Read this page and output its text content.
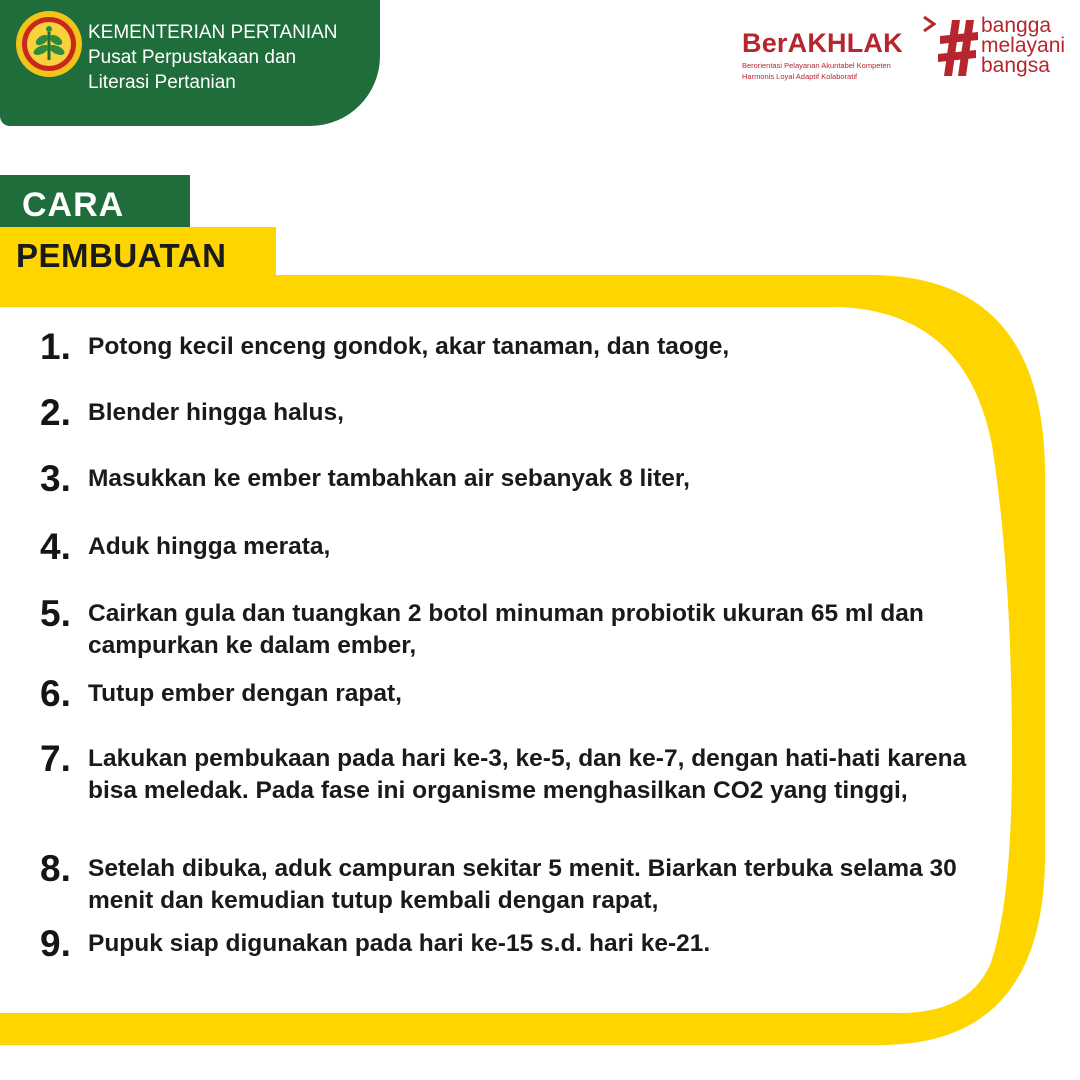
KEMENTERIAN PERTANIAN
Pusat Perpustakaan dan
Literasi Pertanian
BerAKHLAK
Berorientasi Pelayanan Akuntabel Kompeten
Harmonis Loyal Adaptif Kolaboratif
bangga
melayani
bangsa
CARA
PEMBUATAN
1. Potong kecil enceng gondok, akar tanaman, dan taoge,
2. Blender hingga halus,
3. Masukkan ke ember tambahkan air sebanyak 8 liter,
4. Aduk hingga merata,
5. Cairkan gula dan tuangkan 2 botol minuman probiotik ukuran 65 ml dan campurkan ke dalam ember,
6. Tutup ember dengan rapat,
7. Lakukan pembukaan pada hari ke-3, ke-5, dan ke-7, dengan hati-hati karena bisa meledak. Pada fase ini organisme menghasilkan CO2 yang tinggi,
8. Setelah dibuka, aduk campuran sekitar 5 menit. Biarkan terbuka selama 30 menit dan kemudian tutup kembali dengan rapat,
9. Pupuk siap digunakan pada hari ke-15 s.d. hari ke-21.
